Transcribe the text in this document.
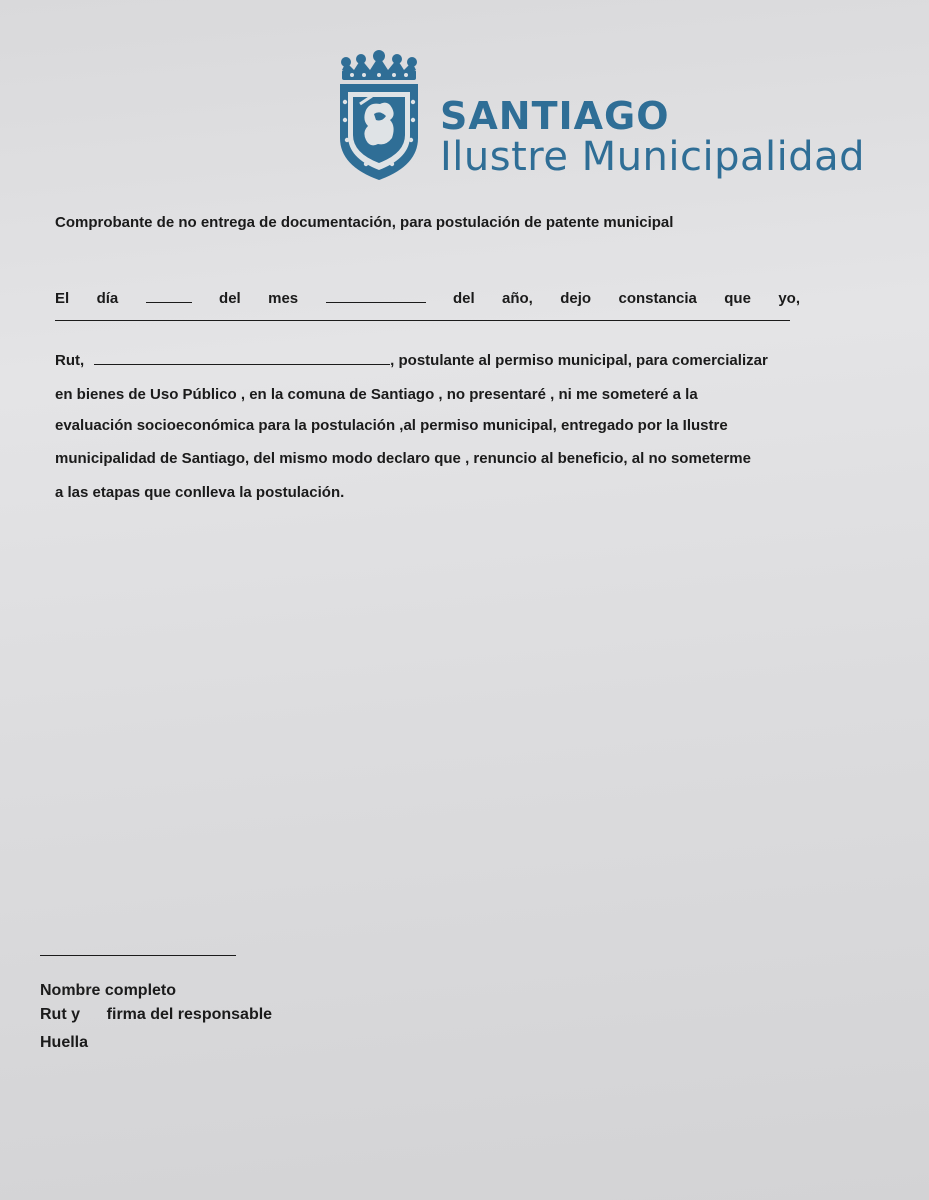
SANTIAGO
Ilustre Municipalidad
Comprobante de no entrega de documentación, para postulación de patente municipal
El día	del mes	del año, dejo constancia que yo,
Rut,	, postulante al permiso municipal, para comercializar
en bienes de Uso Público , en la comuna de Santiago , no presentaré , ni me someteré a la
evaluación socioeconómica para la postulación ,al permiso municipal, entregado por la Ilustre
municipalidad de Santiago, del mismo modo declaro que , renuncio al beneficio, al no someterme
a las etapas que conlleva la postulación.
Nombre completo
Rut y      firma del responsable
Huella
